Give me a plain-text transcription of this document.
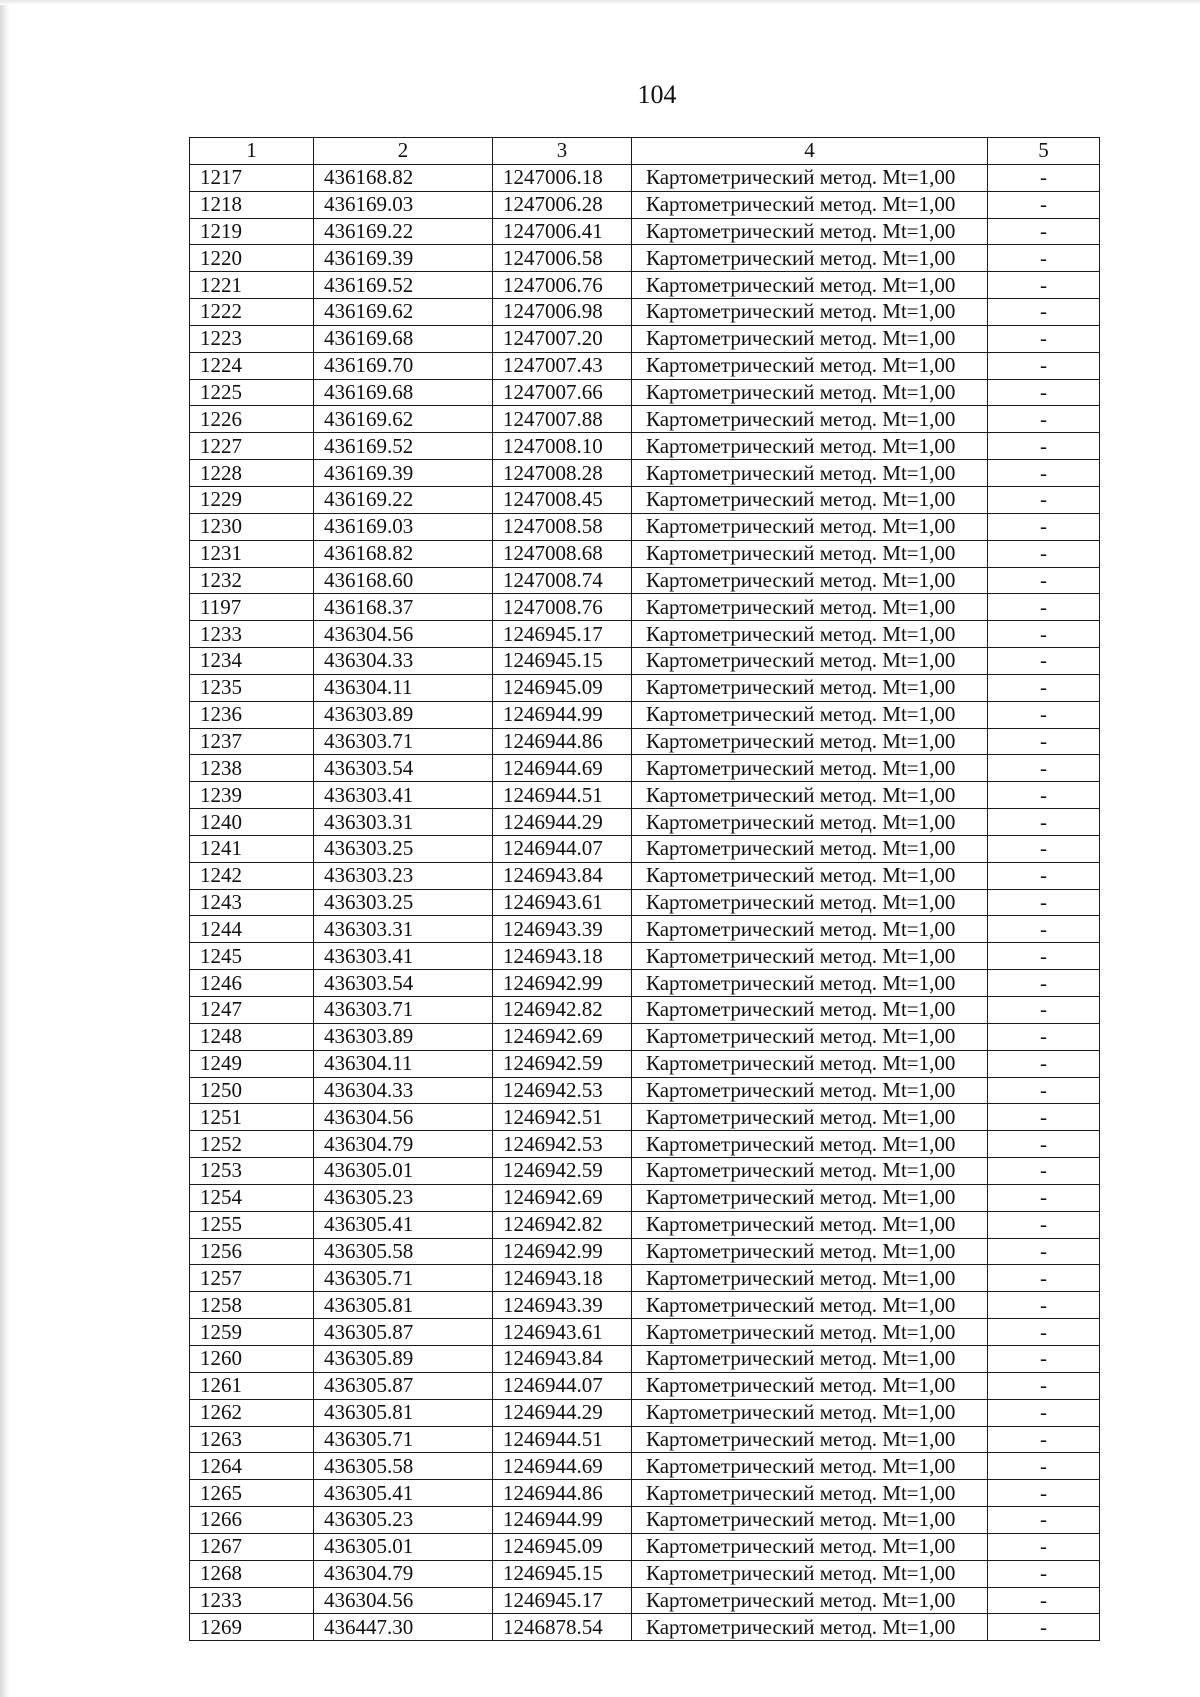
104
1	2	3	4	5
1217	436168.82	1247006.18	Картометрический метод. Mt=1,00	-
1218	436169.03	1247006.28	Картометрический метод. Mt=1,00	-
1219	436169.22	1247006.41	Картометрический метод. Mt=1,00	-
1220	436169.39	1247006.58	Картометрический метод. Mt=1,00	-
1221	436169.52	1247006.76	Картометрический метод. Mt=1,00	-
1222	436169.62	1247006.98	Картометрический метод. Mt=1,00	-
1223	436169.68	1247007.20	Картометрический метод. Mt=1,00	-
1224	436169.70	1247007.43	Картометрический метод. Mt=1,00	-
1225	436169.68	1247007.66	Картометрический метод. Mt=1,00	-
1226	436169.62	1247007.88	Картометрический метод. Mt=1,00	-
1227	436169.52	1247008.10	Картометрический метод. Mt=1,00	-
1228	436169.39	1247008.28	Картометрический метод. Mt=1,00	-
1229	436169.22	1247008.45	Картометрический метод. Mt=1,00	-
1230	436169.03	1247008.58	Картометрический метод. Mt=1,00	-
1231	436168.82	1247008.68	Картометрический метод. Mt=1,00	-
1232	436168.60	1247008.74	Картометрический метод. Mt=1,00	-
1197	436168.37	1247008.76	Картометрический метод. Mt=1,00	-
1233	436304.56	1246945.17	Картометрический метод. Mt=1,00	-
1234	436304.33	1246945.15	Картометрический метод. Mt=1,00	-
1235	436304.11	1246945.09	Картометрический метод. Mt=1,00	-
1236	436303.89	1246944.99	Картометрический метод. Mt=1,00	-
1237	436303.71	1246944.86	Картометрический метод. Mt=1,00	-
1238	436303.54	1246944.69	Картометрический метод. Mt=1,00	-
1239	436303.41	1246944.51	Картометрический метод. Mt=1,00	-
1240	436303.31	1246944.29	Картометрический метод. Mt=1,00	-
1241	436303.25	1246944.07	Картометрический метод. Mt=1,00	-
1242	436303.23	1246943.84	Картометрический метод. Mt=1,00	-
1243	436303.25	1246943.61	Картометрический метод. Mt=1,00	-
1244	436303.31	1246943.39	Картометрический метод. Mt=1,00	-
1245	436303.41	1246943.18	Картометрический метод. Mt=1,00	-
1246	436303.54	1246942.99	Картометрический метод. Mt=1,00	-
1247	436303.71	1246942.82	Картометрический метод. Mt=1,00	-
1248	436303.89	1246942.69	Картометрический метод. Mt=1,00	-
1249	436304.11	1246942.59	Картометрический метод. Mt=1,00	-
1250	436304.33	1246942.53	Картометрический метод. Mt=1,00	-
1251	436304.56	1246942.51	Картометрический метод. Mt=1,00	-
1252	436304.79	1246942.53	Картометрический метод. Mt=1,00	-
1253	436305.01	1246942.59	Картометрический метод. Mt=1,00	-
1254	436305.23	1246942.69	Картометрический метод. Mt=1,00	-
1255	436305.41	1246942.82	Картометрический метод. Mt=1,00	-
1256	436305.58	1246942.99	Картометрический метод. Mt=1,00	-
1257	436305.71	1246943.18	Картометрический метод. Mt=1,00	-
1258	436305.81	1246943.39	Картометрический метод. Mt=1,00	-
1259	436305.87	1246943.61	Картометрический метод. Mt=1,00	-
1260	436305.89	1246943.84	Картометрический метод. Mt=1,00	-
1261	436305.87	1246944.07	Картометрический метод. Mt=1,00	-
1262	436305.81	1246944.29	Картометрический метод. Mt=1,00	-
1263	436305.71	1246944.51	Картометрический метод. Mt=1,00	-
1264	436305.58	1246944.69	Картометрический метод. Mt=1,00	-
1265	436305.41	1246944.86	Картометрический метод. Mt=1,00	-
1266	436305.23	1246944.99	Картометрический метод. Mt=1,00	-
1267	436305.01	1246945.09	Картометрический метод. Mt=1,00	-
1268	436304.79	1246945.15	Картометрический метод. Mt=1,00	-
1233	436304.56	1246945.17	Картометрический метод. Mt=1,00	-
1269	436447.30	1246878.54	Картометрический метод. Mt=1,00	-
